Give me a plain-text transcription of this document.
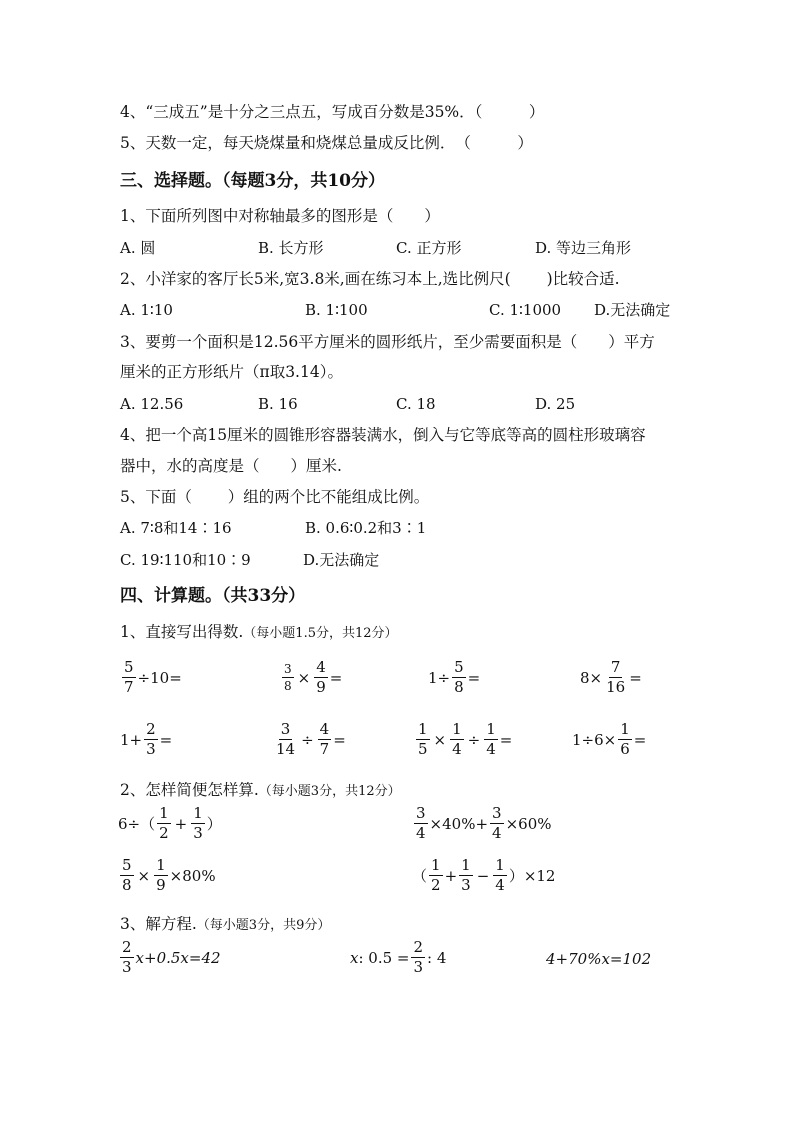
4、“三成五”是十分之三点五，写成百分数是35%．（　　　）
5、天数一定，每天烧煤量和烧煤总量成反比例．　（　　　）
三、选择题。（每题3分，共10分）
1、下面所列图中对称轴最多的图形是（　　）
A. 圆	B. 长方形	C. 正方形	D. 等边三角形
2、小洋家的客厅长5米,宽3.8米,画在练习本上,选比例尺(　　 )比较合适.
A. 1∶10	B. 1∶100	C. 1∶1000 D.无法确定
3、要剪一个面积是12.56平方厘米的圆形纸片，至少需要面积是（　　）平方
厘米的正方形纸片（π取3.14）。
A. 12.56	B. 16	C. 18	D. 25
4、把一个高15厘米的圆锥形容器装满水，倒入与它等底等高的圆柱形玻璃容
器中，水的高度是（　　）厘米.
5、下面（　　 ）组的两个比不能组成比例。
A. 7∶8和14∶16	B. 0.6∶0.2和3∶1
C. 19∶110和10∶9	D.无法确定
四、计算题。（共33分）
1、直接写出得数.（每小题1.5分，共12分）
$\frac{5}{7} \div 10=$	$\frac{3}{8} \times \frac{4}{9}$ =	$1\div \frac{5}{8}$ =	$8\times \frac{7}{16}$ =
$1+ \frac{2}{3}$ =	$\frac{3}{14} \div \frac{4}{7}$ =	$\frac{1}{5} \times \frac{1}{4} \div \frac{1}{4}$ =	$1\div 6\times \frac{1}{6}$ =
2、怎样简便怎样算.（每小题3分，共12分）
$6\div( \frac{1}{2} + \frac{1}{3}$ ）	$\frac{3}{4} \times 40\%+ \frac{3}{4} \times 60\%$
$\frac{5}{8} \times \frac{1}{9} \times 80\%$	（ $\frac{1}{2} + \frac{1}{3} - \frac{1}{4} )\times 12$
3、解方程.（每小题3分，共9分）
$\frac{2}{3} x+0.5x=42$	x : $0.5 = \frac{2}{3}$ : 4	4+70%x=102
